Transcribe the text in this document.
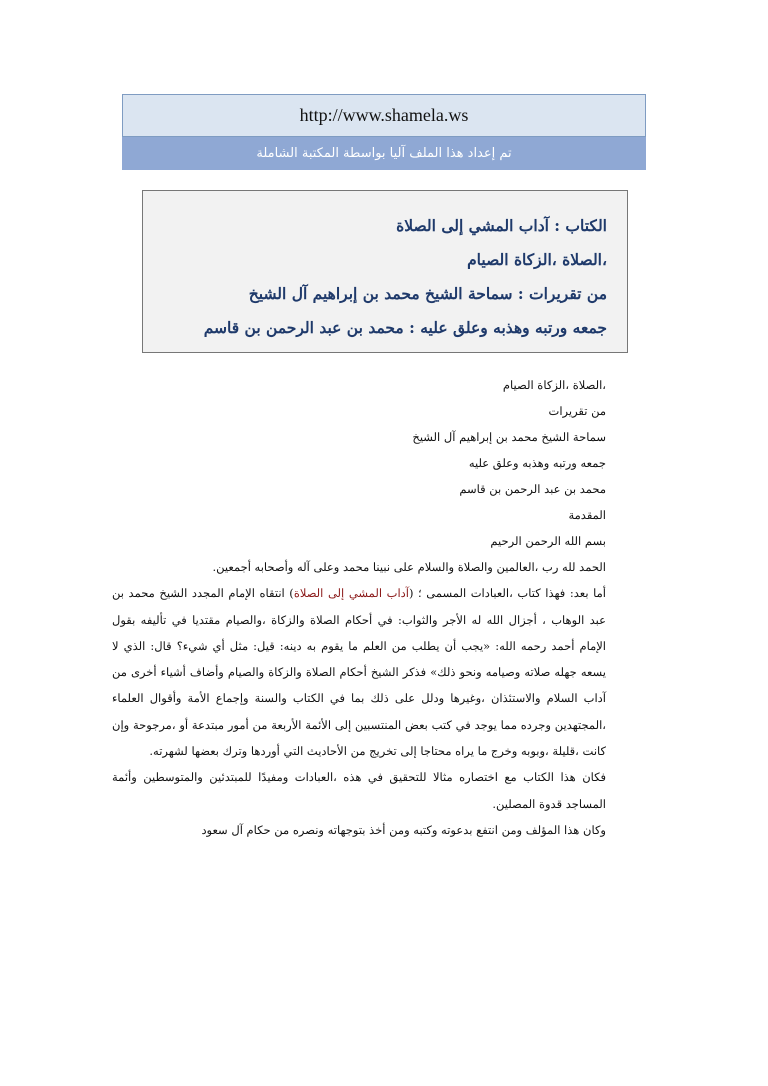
http://www.shamela.ws
تم إعداد هذا الملف آليا بواسطة المكتبة الشاملة
الكتاب : آداب المشي إلى الصلاة
،الصلاة ،الزكاة الصيام
من تقريرات : سماحة الشيخ محمد بن إبراهيم آل الشيخ
جمعه ورتبه وهذبه وعلق عليه : محمد بن عبد الرحمن بن قاسم
،الصلاة ،الزكاة الصيام
من تقريرات
سماحة الشيخ محمد بن إبراهيم آل الشيخ
جمعه ورتبه وهذبه وعلق عليه
محمد بن عبد الرحمن بن قاسم
المقدمة
بسم الله الرحمن الرحيم
الحمد لله رب ،العالمين والصلاة والسلام على نبينا محمد وعلى آله وأصحابه أجمعين.
أما بعد: فهذا كتاب ،العبادات المسمى ؛ (آداب المشي إلى الصلاة) انتقاه الإمام المجدد الشيخ محمد بن عبد الوهاب ، أجزال الله له الأجر والثواب: في أحكام الصلاة والزكاة ،والصيام مقتديا في تأليفه بقول الإمام أحمد رحمه الله: «يجب أن يطلب من العلم ما يقوم به دينه: قيل: مثل أي شيء؟ قال: الذي لا يسعه جهله صلاته وصيامه ونحو ذلك» فذكر الشيخ أحكام الصلاة والزكاة والصيام وأضاف أشياء أخرى من آداب السلام والاستئذان ،وغيرها ودلل على ذلك بما في الكتاب والسنة وإجماع الأمة وأقوال العلماء ،المجتهدين وجرده مما يوجد في كتب بعض المنتسبين إلى الأئمة الأربعة من أمور مبتدعة أو ،مرجوحة وإن كانت ،قليلة ،وبوبه وخرج ما يراه محتاجا إلى تخريج من الأحاديث التي أوردها وترك بعضها لشهرته.
فكان هذا الكتاب مع اختصاره مثالا للتحقيق في هذه ،العبادات ومفيدًا للمبتدئين والمتوسطين وأئمة المساجد قدوة المصلين.
وكان هذا المؤلف ومن انتفع بدعوته وكتبه ومن أخذ بتوجهاته ونصره من حكام آل سعود
